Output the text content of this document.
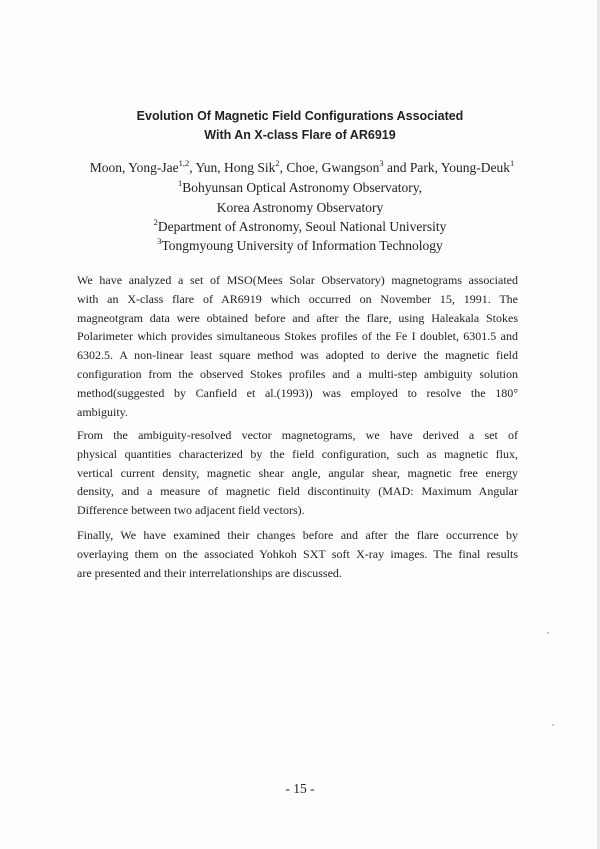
Evolution Of Magnetic Field Configurations Associated
With An X-class Flare of AR6919
Moon, Yong-Jae$^{1,2}$, Yun, Hong Sik$^2$, Choe, Gwangson$^3$ and Park, Young-Deuk$^1$
$^1$Bohyunsan Optical Astronomy Observatory,
Korea Astronomy Observatory
$^2$Department of Astronomy, Seoul National University
$^3$Tongmyoung University of Information Technology
We have analyzed a set of MSO(Mees Solar Observatory) magnetograms associated
with an X-class flare of AR6919 which occurred on November 15, 1991. The
magneotgram data were obtained before and after the flare, using Haleakala Stokes
Polarimeter which provides simultaneous Stokes profiles of the Fe I doublet, 6301.5 and
6302.5. A non-linear least square method was adopted to derive the magnetic field
configuration from the observed Stokes profiles and a multi-step ambiguity solution
method(suggested by Canfield et al.(1993)) was employed to resolve the 180°
ambiguity.
From the ambiguity-resolved vector magnetograms, we have derived a set of
physical quantities characterized by the field configuration, such as magnetic flux,
vertical current density, magnetic shear angle, angular shear, magnetic free energy
density, and a measure of magnetic field discontinuity (MAD: Maximum Angular
Difference between two adjacent field vectors).
Finally, We have examined their changes before and after the flare occurrence by
overlaying them on the associated Yohkoh SXT soft X-ray images. The final results
are presented and their interrelationships are discussed.
- 15 -
